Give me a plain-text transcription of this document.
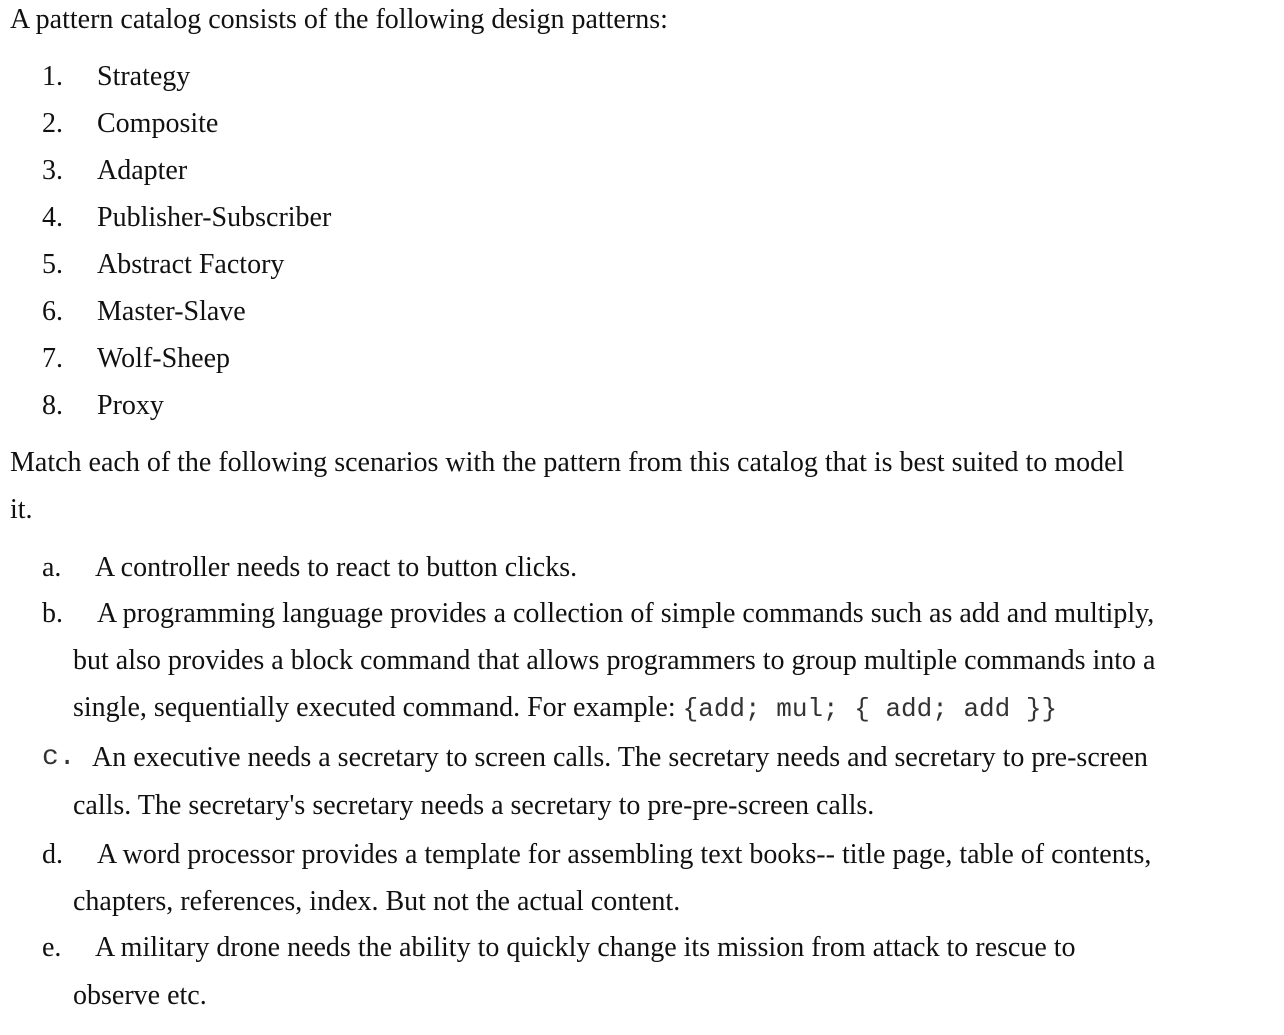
A pattern catalog consists of the following design patterns:
1. Strategy
2. Composite
3. Adapter
4. Publisher-Subscriber
5. Abstract Factory
6. Master-Slave
7. Wolf-Sheep
8. Proxy
Match each of the following scenarios with the pattern from this catalog that is best suited to model
it.
a. A controller needs to react to button clicks.
b. A programming language provides a collection of simple commands such as add and multiply,
but also provides a block command that allows programmers to group multiple commands into a
single, sequentially executed command. For example: {add; mul; { add; add }}
c. An executive needs a secretary to screen calls. The secretary needs and secretary to pre-screen
calls. The secretary's secretary needs a secretary to pre-pre-screen calls.
d. A word processor provides a template for assembling text books-- title page, table of contents,
chapters, references, index. But not the actual content.
e. A military drone needs the ability to quickly change its mission from attack to rescue to
observe etc.
